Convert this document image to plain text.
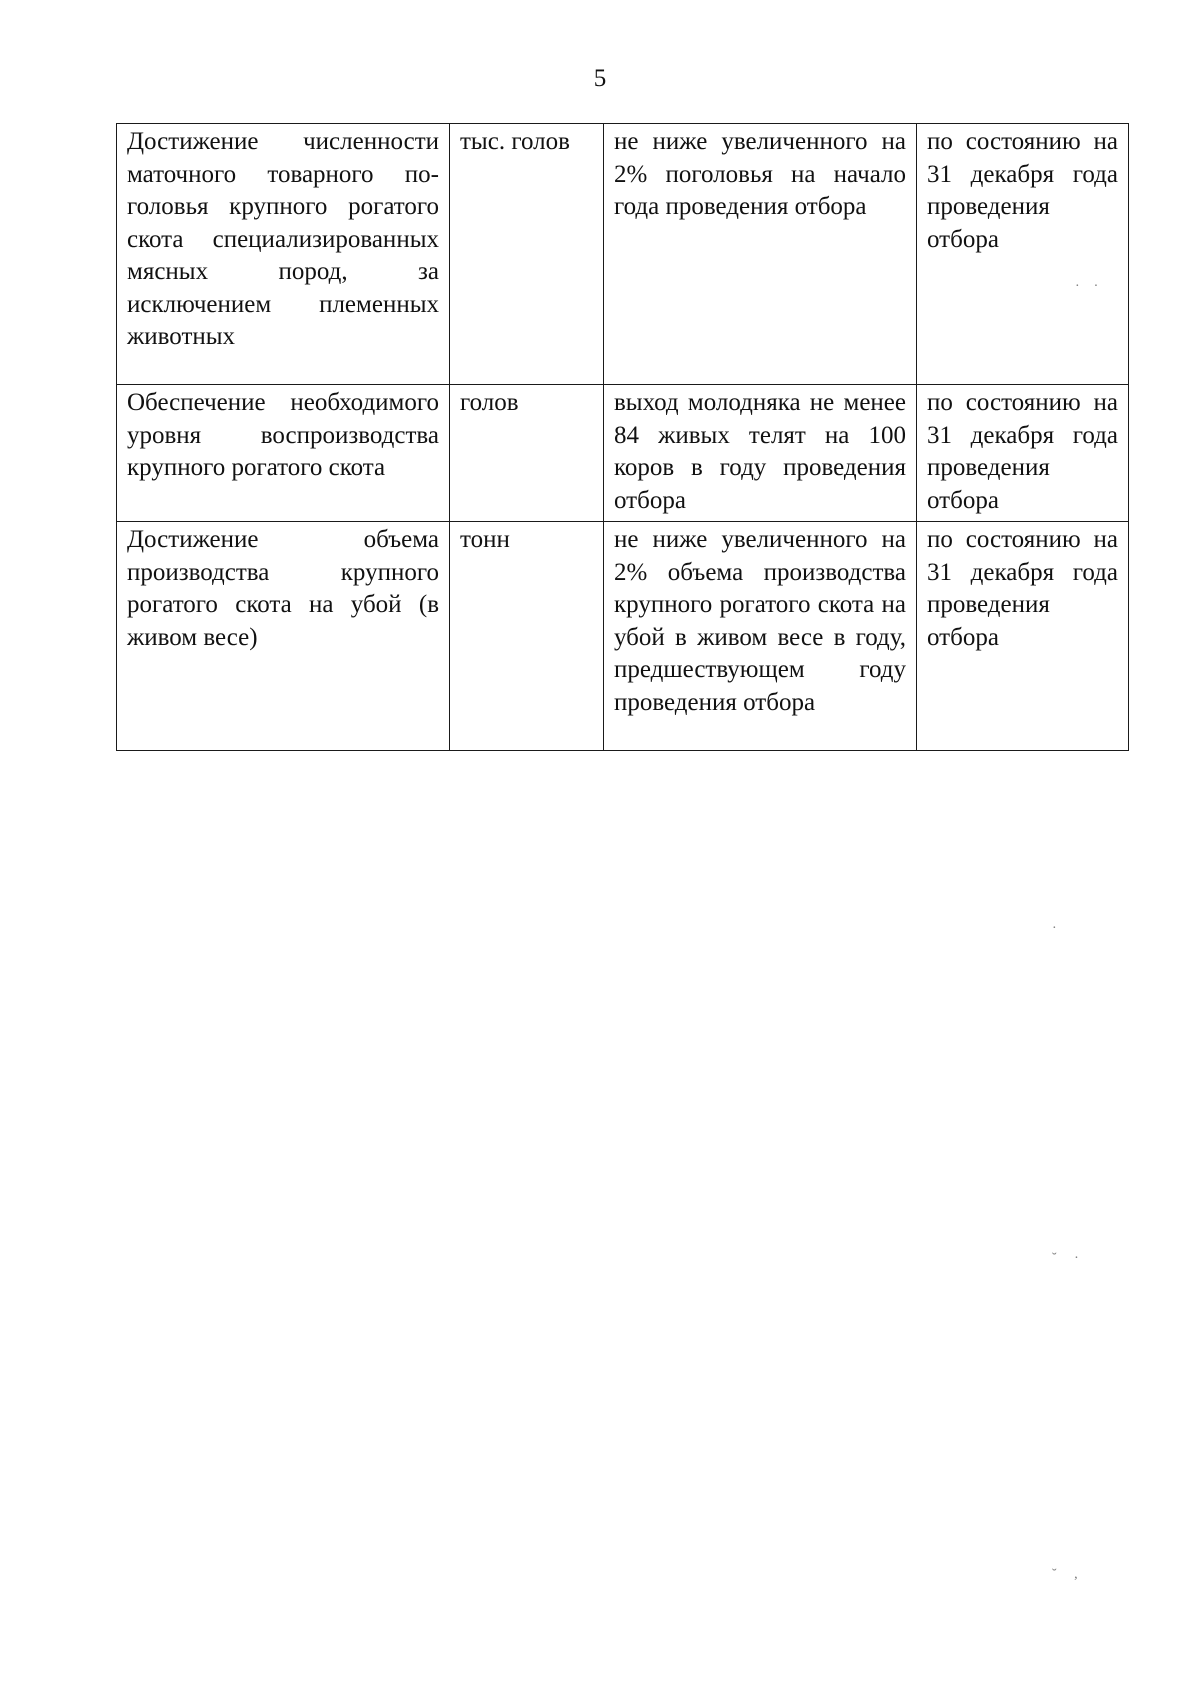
5
Достижение численности маточного товарного поголовья крупного рогатого скота специализированных мясных пород, за исключением племенных животных	тыс. голов	не ниже увеличенного на 2% поголовья на начало года проведения отбора	по состоянию на 31 декабря года проведения отбора
Обеспечение необходимого уровня воспроизводства крупного рогатого скота	голов	выход молодняка не менее 84 живых телят на 100 коров в году проведения отбора	по состоянию на 31 декабря года проведения отбора
Достижение объема производства крупного рогатого скота на убой (в живом весе)	тонн	не ниже увеличенного на 2% объема производства крупного рогатого скота на убой в живом весе в году, предшествующем году проведения отбора	по состоянию на 31 декабря года проведения отбора
·    ·
·
˘     ·
˘     ,
